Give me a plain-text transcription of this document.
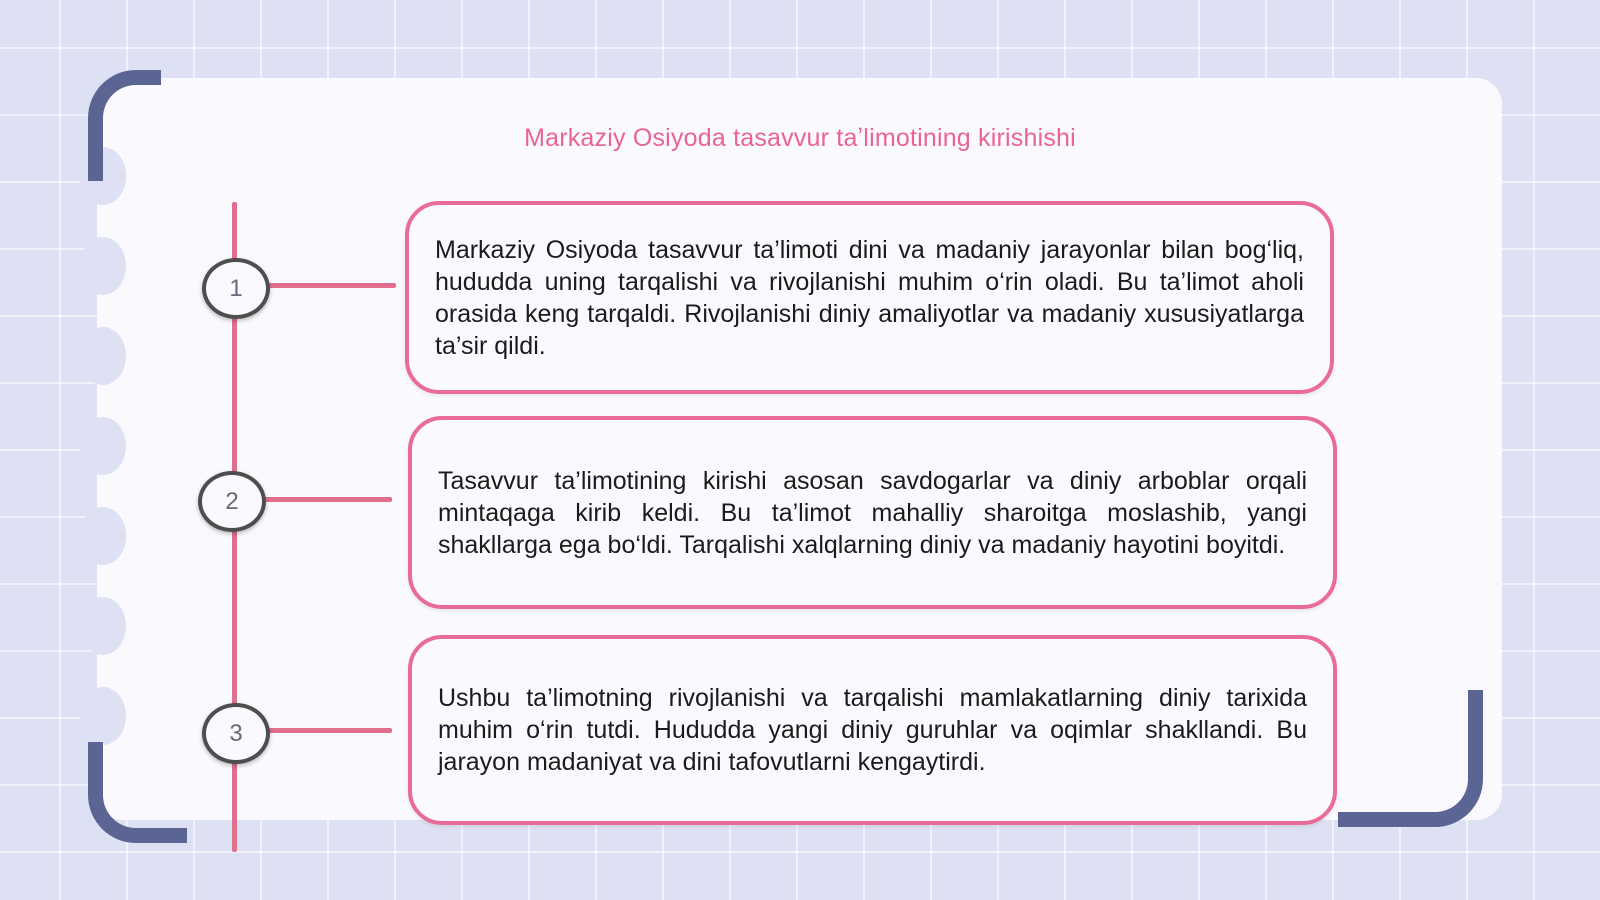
Markaziy Osiyoda tasavvur taʼlimotining kirishishi
1

Markaziy Osiyoda tasavvur ta’limoti dini va madaniy jarayonlar bilan bog‘liq, hududda uning tarqalishi va rivojlanishi muhim o‘rin oladi. Bu ta’limot aholi orasida keng tarqaldi. Rivojlanishi diniy amaliyotlar va madaniy xususiyatlarga ta’sir qildi.

2

Tasavvur ta’limotining kirishi asosan savdogarlar va diniy arboblar orqali mintaqaga kirib keldi. Bu ta’limot mahalliy sharoitga moslashib, yangi shakllarga ega bo‘ldi. Tarqalishi xalqlarning diniy va madaniy hayotini boyitdi.

3

Ushbu ta’limotning rivojlanishi va tarqalishi mamlakatlarning diniy tarixida muhim o‘rin tutdi. Hududda yangi diniy guruhlar va oqimlar shakllandi. Bu jarayon madaniyat va dini tafovutlarni kengaytirdi.
